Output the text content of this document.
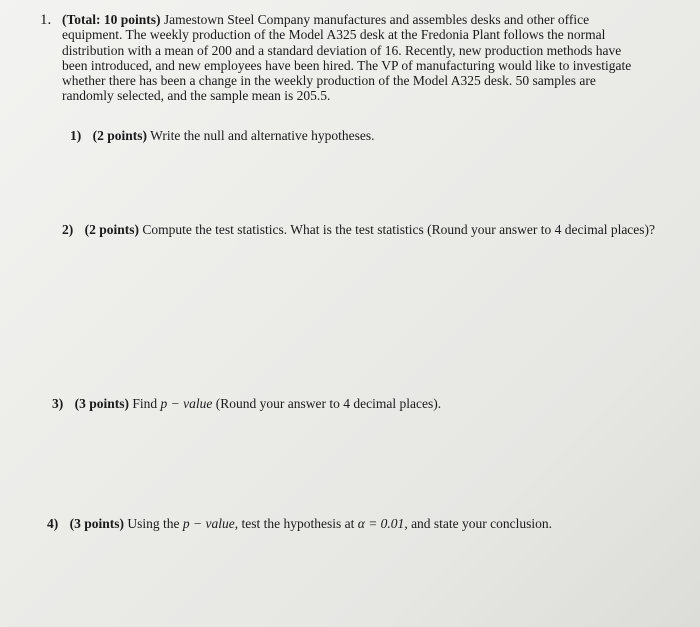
1. (Total: 10 points) Jamestown Steel Company manufactures and assembles desks and other office equipment. The weekly production of the Model A325 desk at the Fredonia Plant follows the normal distribution with a mean of 200 and a standard deviation of 16. Recently, new production methods have been introduced, and new employees have been hired. The VP of manufacturing would like to investigate whether there has been a change in the weekly production of the Model A325 desk. 50 samples are randomly selected, and the sample mean is 205.5.
1) (2 points) Write the null and alternative hypotheses.
2) (2 points) Compute the test statistics. What is the test statistics (Round your answer to 4 decimal places)?
3) (3 points) Find p − value (Round your answer to 4 decimal places).
4) (3 points) Using the p − value, test the hypothesis at α = 0.01, and state your conclusion.
